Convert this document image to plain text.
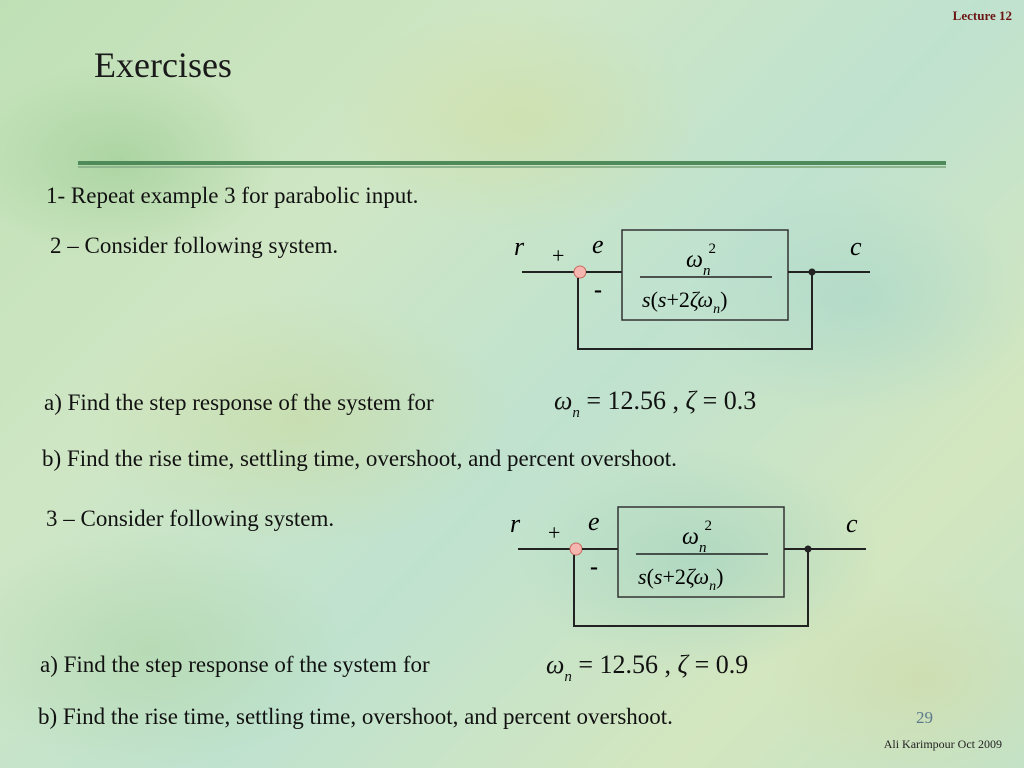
Lecture 12
Exercises
1- Repeat example 3 for parabolic input.
2 – Consider following system.	r + e
-
c
$\omega_n2$
$s(s+2\zeta\omega_n)$
a) Find the step response of the system for	$\omega_n = 12.56$ , ζ = 0.3
b) Find the rise time, settling time, overshoot, and percent overshoot.
3 – Consider following system.	r + e
-
c
$\omega_n2$
$s(s+2\zeta\omega_n)$
a) Find the step response of the system for	$\omega_n = 12.56$ , ζ = 0.9
b) Find the rise time, settling time, overshoot, and percent overshoot.	29
Ali Karimpour Oct 2009
